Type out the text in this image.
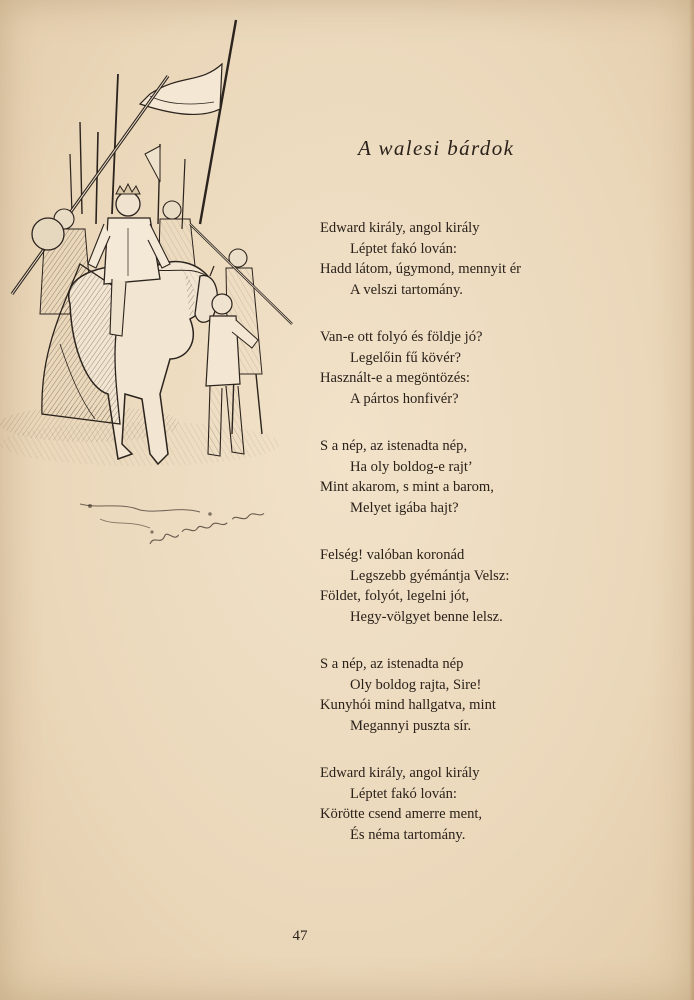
A walesi bárdok
Edward király, angol király
Léptet fakó lován:
Hadd látom, úgymond, mennyit ér
A velszi tartomány.
Van-e ott folyó és földje jó?
Legelőin fű kövér?
Használt-e a megöntözés:
A pártos honfivér?
S a nép, az istenadta nép,
Ha oly boldog-e rajt’
Mint akarom, s mint a barom,
Melyet igába hajt?
Felség! valóban koronád
Legszebb gyémántja Velsz:
Földet, folyót, legelni jót,
Hegy-völgyet benne lelsz.
S a nép, az istenadta nép
Oly boldog rajta, Sire!
Kunyhói mind hallgatva, mint
Megannyi puszta sír.
Edward király, angol király
Léptet fakó lován:
Körötte csend amerre ment,
És néma tartomány.
47
